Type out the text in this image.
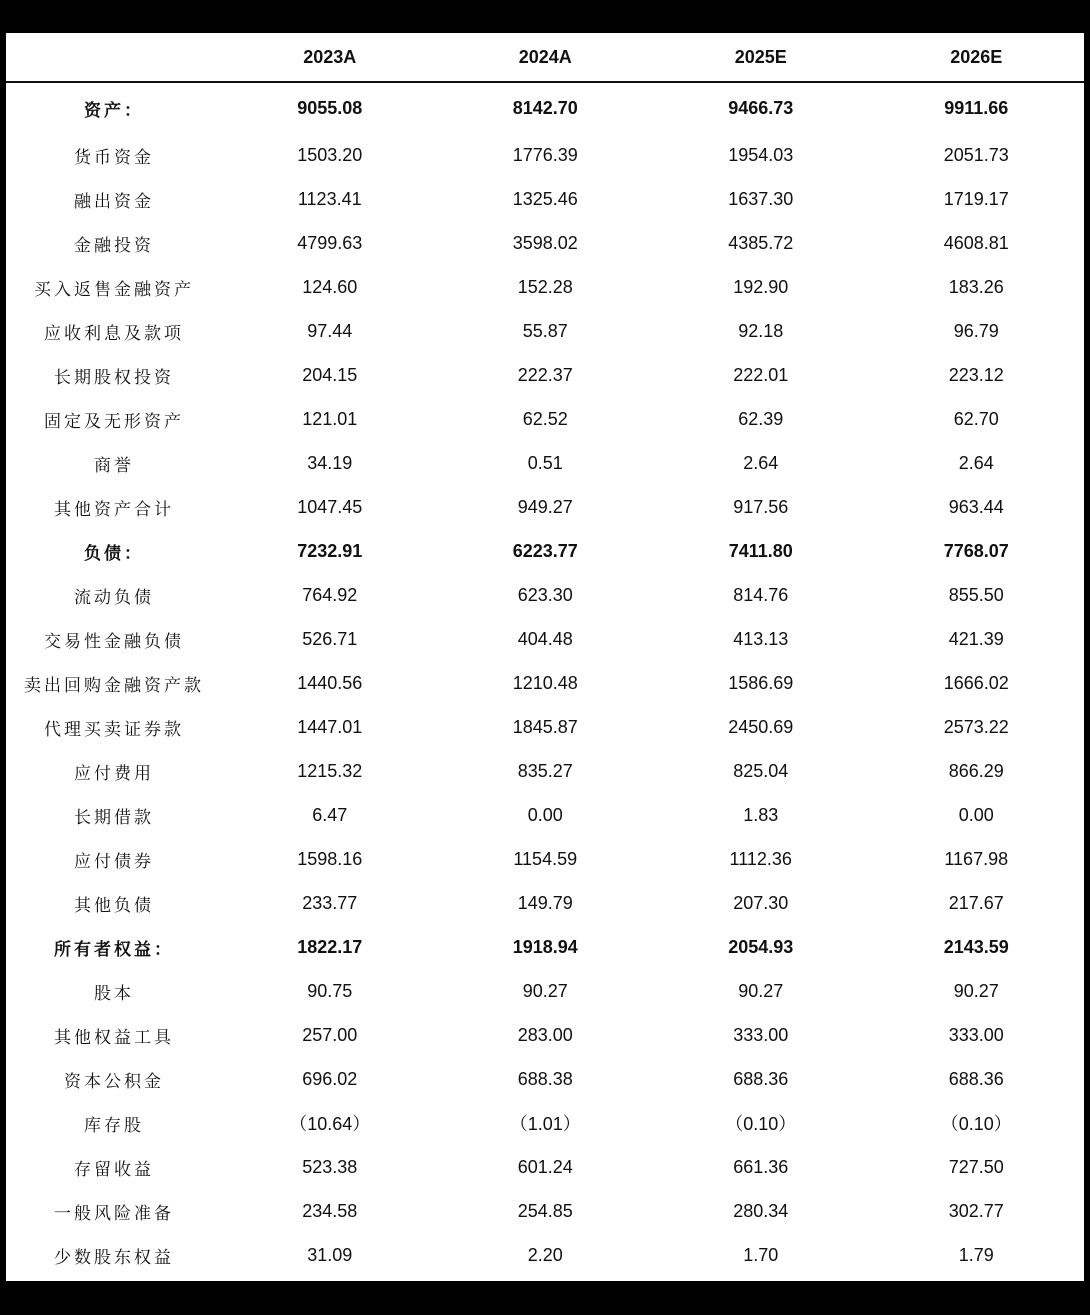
	2023A	2024A	2025E	2026E
资产：	9055.08	8142.70	9466.73	9911.66
货币资金	1503.20	1776.39	1954.03	2051.73
融出资金	1123.41	1325.46	1637.30	1719.17
金融投资	4799.63	3598.02	4385.72	4608.81
买入返售金融资产	124.60	152.28	192.90	183.26
应收利息及款项	97.44	55.87	92.18	96.79
长期股权投资	204.15	222.37	222.01	223.12
固定及无形资产	121.01	62.52	62.39	62.70
商誉	34.19	0.51	2.64	2.64
其他资产合计	1047.45	949.27	917.56	963.44
负债：	7232.91	6223.77	7411.80	7768.07
流动负债	764.92	623.30	814.76	855.50
交易性金融负债	526.71	404.48	413.13	421.39
卖出回购金融资产款	1440.56	1210.48	1586.69	1666.02
代理买卖证券款	1447.01	1845.87	2450.69	2573.22
应付费用	1215.32	835.27	825.04	866.29
长期借款	6.47	0.00	1.83	0.00
应付债券	1598.16	1154.59	1112.36	1167.98
其他负债	233.77	149.79	207.30	217.67
所有者权益：	1822.17	1918.94	2054.93	2143.59
股本	90.75	90.27	90.27	90.27
其他权益工具	257.00	283.00	333.00	333.00
资本公积金	696.02	688.38	688.36	688.36
库存股	（10.64）	（1.01）	（0.10）	（0.10）
存留收益	523.38	601.24	661.36	727.50
一般风险准备	234.58	254.85	280.34	302.77
少数股东权益	31.09	2.20	1.70	1.79
